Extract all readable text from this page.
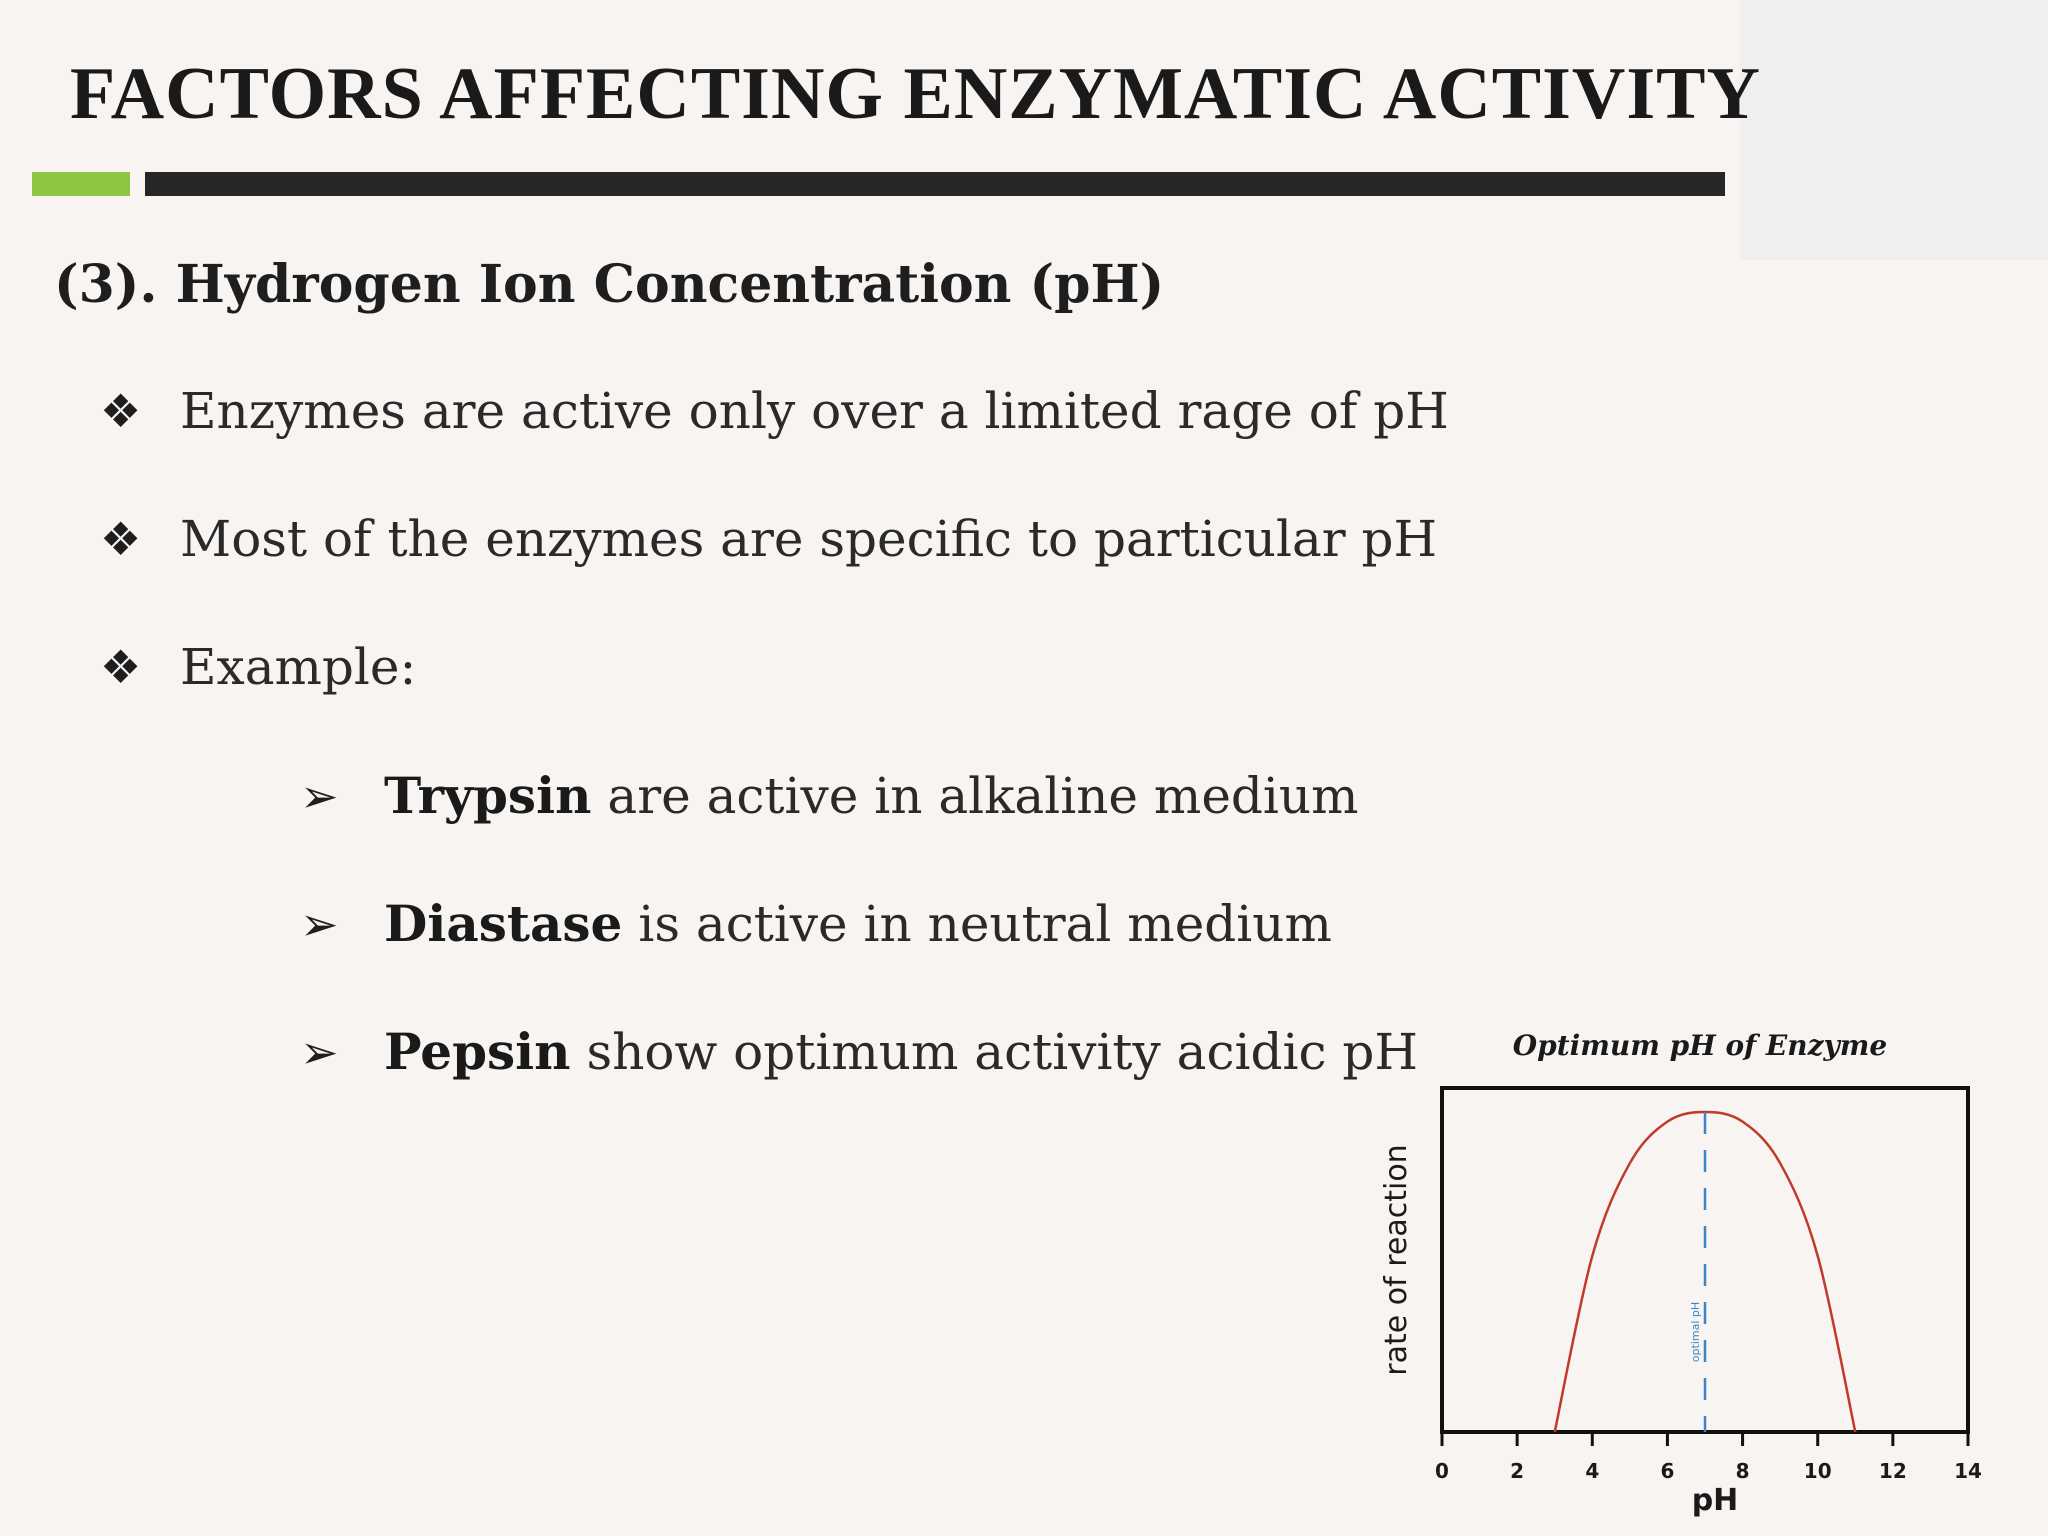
FACTORS AFFECTING ENZYMATIC ACTIVITY
(3). Hydrogen Ion Concentration (pH)
❖ Enzymes are active only over a limited rage of pH
❖ Most of the enzymes are specific to particular pH
❖ Example:
➢ Trypsin are active in alkaline medium
➢ Diastase is active in neutral medium
➢ Pepsin show optimum activity acidic pH	Optimum pH of Enzyme
optimal pH
0	2	4	6	8	10 12 14
pH
rate of reaction
